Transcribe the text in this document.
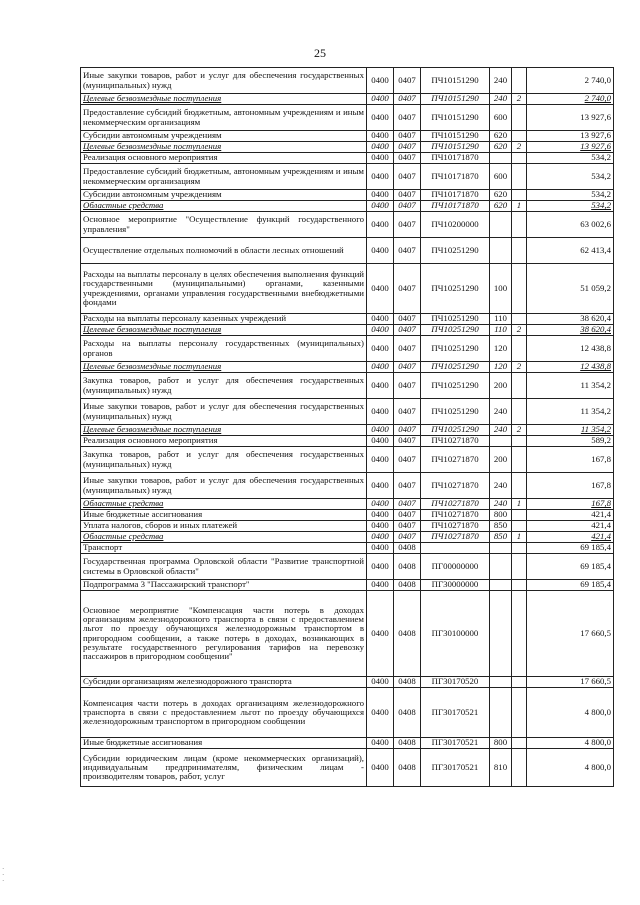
25
Иные закупки товаров, работ и услуг для обеспечения государственных (муниципальных) нужд	0400	0407	ПЧ10151290	240		2 740,0
Целевые безвозмездные поступления	0400	0407	ПЧ10151290	240	2	2 740,0
Предоставление субсидий бюджетным, автономным учреждениям и иным некоммерческим организациям	0400	0407	ПЧ10151290	600		13 927,6
Субсидии автономным учреждениям	0400	0407	ПЧ10151290	620		13 927,6
Целевые безвозмездные поступления	0400	0407	ПЧ10151290	620	2	13 927,6
Реализация основного мероприятия	0400	0407	ПЧ10171870			534,2
Предоставление субсидий бюджетным, автономным учреждениям и иным некоммерческим организациям	0400	0407	ПЧ10171870	600		534,2
Субсидии автономным учреждениям	0400	0407	ПЧ10171870	620		534,2
Областные средства	0400	0407	ПЧ10171870	620	1	534,2
Основное мероприятие "Осуществление функций государственного управления"	0400	0407	ПЧ10200000			63 002,6
Осуществление отдельных полномочий в области лесных отношений	0400	0407	ПЧ10251290			62 413,4
Расходы на выплаты персоналу в целях обеспечения выполнения функций государственными (муниципальными) органами, казенными учреждениями, органами управления государственными внебюджетными фондами	0400	0407	ПЧ10251290	100		51 059,2
Расходы на выплаты персоналу казенных учреждений	0400	0407	ПЧ10251290	110		38 620,4
Целевые безвозмездные поступления	0400	0407	ПЧ10251290	110	2	38 620,4
Расходы на выплаты персоналу государственных (муниципальных) органов	0400	0407	ПЧ10251290	120		12 438,8
Целевые безвозмездные поступления	0400	0407	ПЧ10251290	120	2	12 438,8
Закупка товаров, работ и услуг для обеспечения государственных (муниципальных) нужд	0400	0407	ПЧ10251290	200		11 354,2
Иные закупки товаров, работ и услуг для обеспечения государственных (муниципальных) нужд	0400	0407	ПЧ10251290	240		11 354,2
Целевые безвозмездные поступления	0400	0407	ПЧ10251290	240	2	11 354,2
Реализация основного мероприятия	0400	0407	ПЧ10271870			589,2
Закупка товаров, работ и услуг для обеспечения государственных (муниципальных) нужд	0400	0407	ПЧ10271870	200		167,8
Иные закупки товаров, работ и услуг для обеспечения государственных (муниципальных) нужд	0400	0407	ПЧ10271870	240		167,8
Областные средства	0400	0407	ПЧ10271870	240	1	167,8
Иные бюджетные ассигнования	0400	0407	ПЧ10271870	800		421,4
Уплата налогов, сборов и иных платежей	0400	0407	ПЧ10271870	850		421,4
Областные средства	0400	0407	ПЧ10271870	850	1	421,4
Транспорт	0400	0408				69 185,4
Государственная программа Орловской области "Развитие транспортной системы в Орловской области"	0400	0408	ПГ00000000			69 185,4
Подпрограмма 3 "Пассажирский транспорт"	0400	0408	ПГ30000000			69 185,4
Основное мероприятие "Компенсация части потерь в доходах организациям железнодорожного транспорта в связи с предоставлением льгот по проезду обучающихся железнодорожным транспортом в пригородном сообщении, а также потерь в доходах, возникающих в результате государственного регулирования тарифов на перевозку пассажиров в пригородном сообщении"	0400	0408	ПГ30100000			17 660,5
Субсидии организациям железнодорожного транспорта	0400	0408	ПГ30170520			17 660,5
Компенсация части потерь в доходах организациям железнодорожного транспорта в связи с предоставлением льгот по проезду обучающихся железнодорожным транспортом в пригородном сообщении	0400	0408	ПГ30170521			4 800,0
Иные бюджетные ассигнования	0400	0408	ПГ30170521	800		4 800,0
Субсидии юридическим лицам (кроме некоммерческих организаций), индивидуальным предпринимателям, физическим лицам - производителям товаров, работ, услуг	0400	0408	ПГ30170521	810		4 800,0
·
·
·
